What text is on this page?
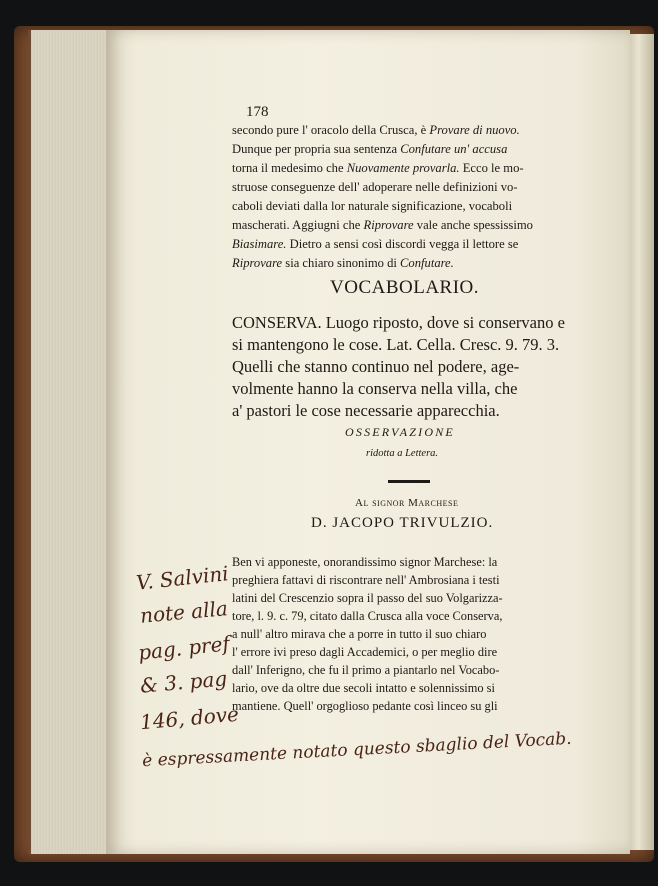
178
secondo pure l' oracolo della Crusca, è Provare di nuovo.
Dunque per propria sua sentenza Confutare un' accusa
torna il medesimo che Nuovamente provarla. Ecco le mo-
struose conseguenze dell' adoperare nelle definizioni vo-
caboli deviati dalla lor naturale significazione, vocaboli
mascherati. Aggiugni che Riprovare vale anche spessissimo
Biasimare. Dietro a sensi così discordi vegga il lettore se
Riprovare sia chiaro sinonimo di Confutare.
VOCABOLARIO.
CONSERVA. Luogo riposto, dove si conservano e
si mantengono le cose. Lat. Cella. Cresc. 9. 79. 3.
Quelli che stanno continuo nel podere, age-
volmente hanno la conserva nella villa, che
a' pastori le cose necessarie apparecchia.
OSSERVAZIONE
ridotta a Lettera.
Al signor Marchese
D. JACOPO TRIVULZIO.
Ben vi apponeste, onorandissimo signor Marchese: la
preghiera fattavi di riscontrare nell' Ambrosiana i testi
latini del Crescenzio sopra il passo del suo Volgarizza-
tore, l. 9. c. 79, citato dalla Crusca alla voce Conserva,
a null' altro mirava che a porre in tutto il suo chiaro
l' errore ivi preso dagli Accademici, o per meglio dire
dall' Inferigno, che fu il primo a piantarlo nel Vocabo-
lario, ove da oltre due secoli intatto e solennissimo si
mantiene. Quell' orgoglioso pedante così linceo su gli
V. Salvini
note alla
pag. pref
& 3. pag
146, dove
è espressamente notato questo sbaglio del Vocab.
